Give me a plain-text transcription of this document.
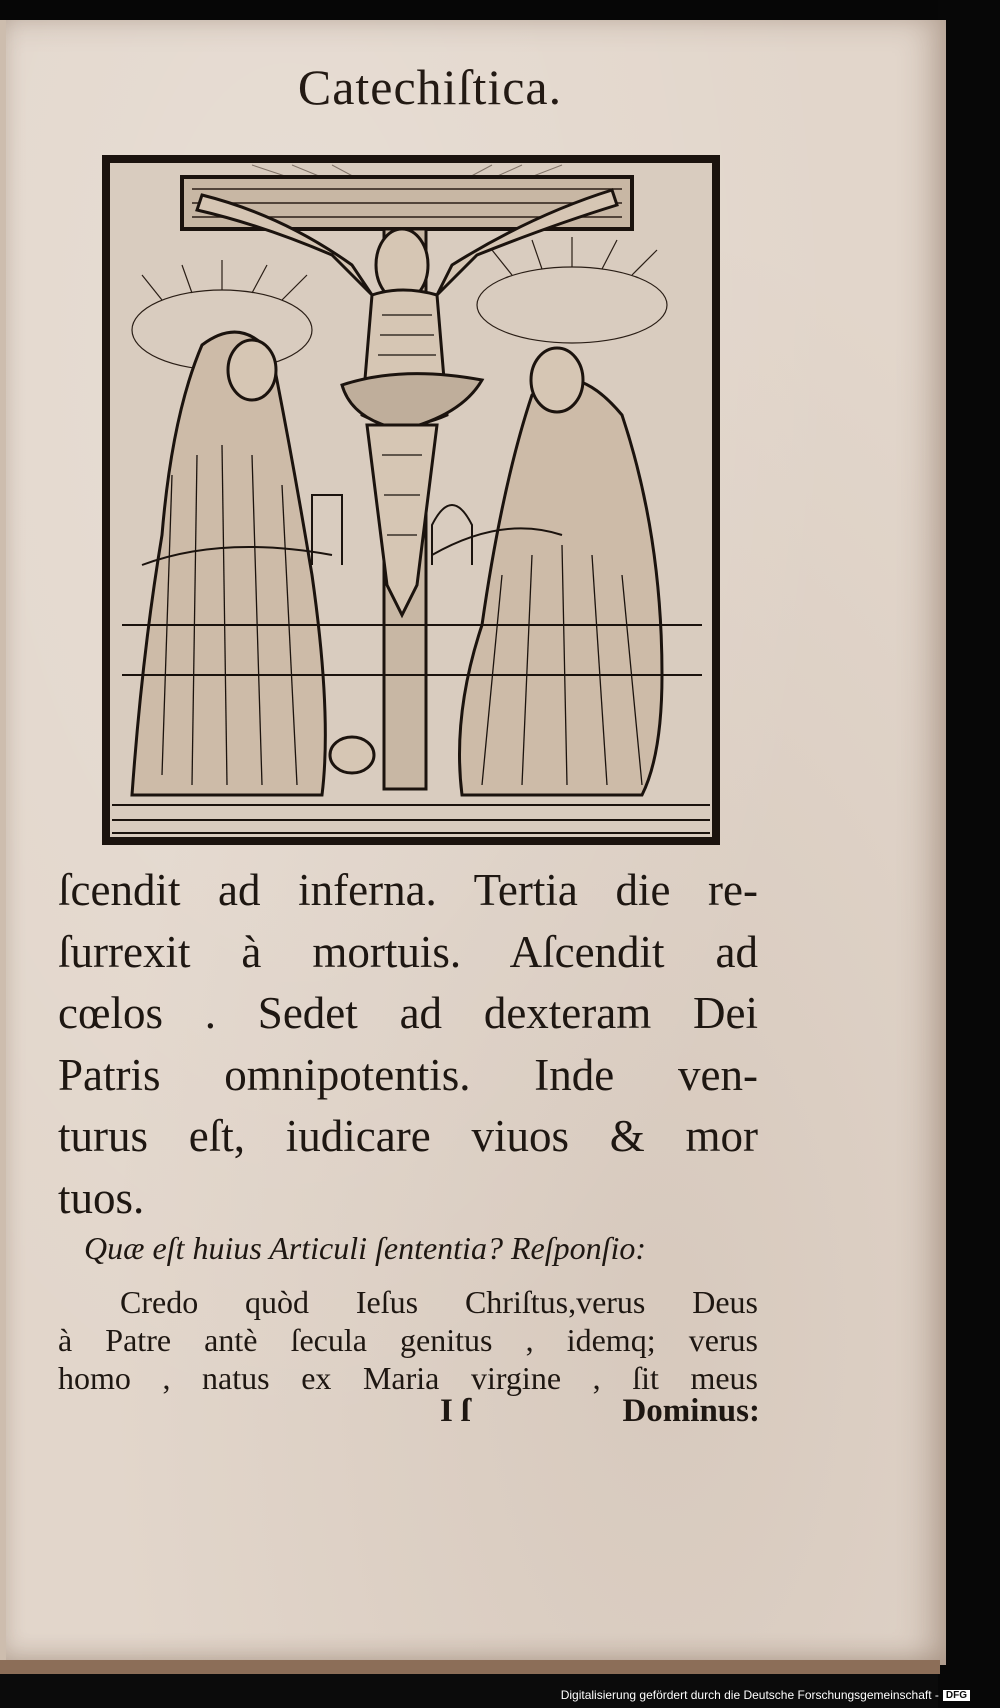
Catechiſtica.
ſcendit ad inferna. Tertia die re-
ſurrexit à mortuis. Aſcendit ad
cœlos . Sedet ad dexteram Dei
Patris omnipotentis. Inde ven-
turus eſt, iudicare viuos & mor
tuos.
Quæ eſt huius Articuli ſententia? Reſponſio:
Credo quòd Ieſus Chriſtus,verus Deus
à Patre antè ſecula genitus , idemq; verus
homo , natus ex Maria virgine , ſit meus
I ſ	Dominus:
Digitalisierung gefördert durch die Deutsche Forschungsgemeinschaft - DFG
